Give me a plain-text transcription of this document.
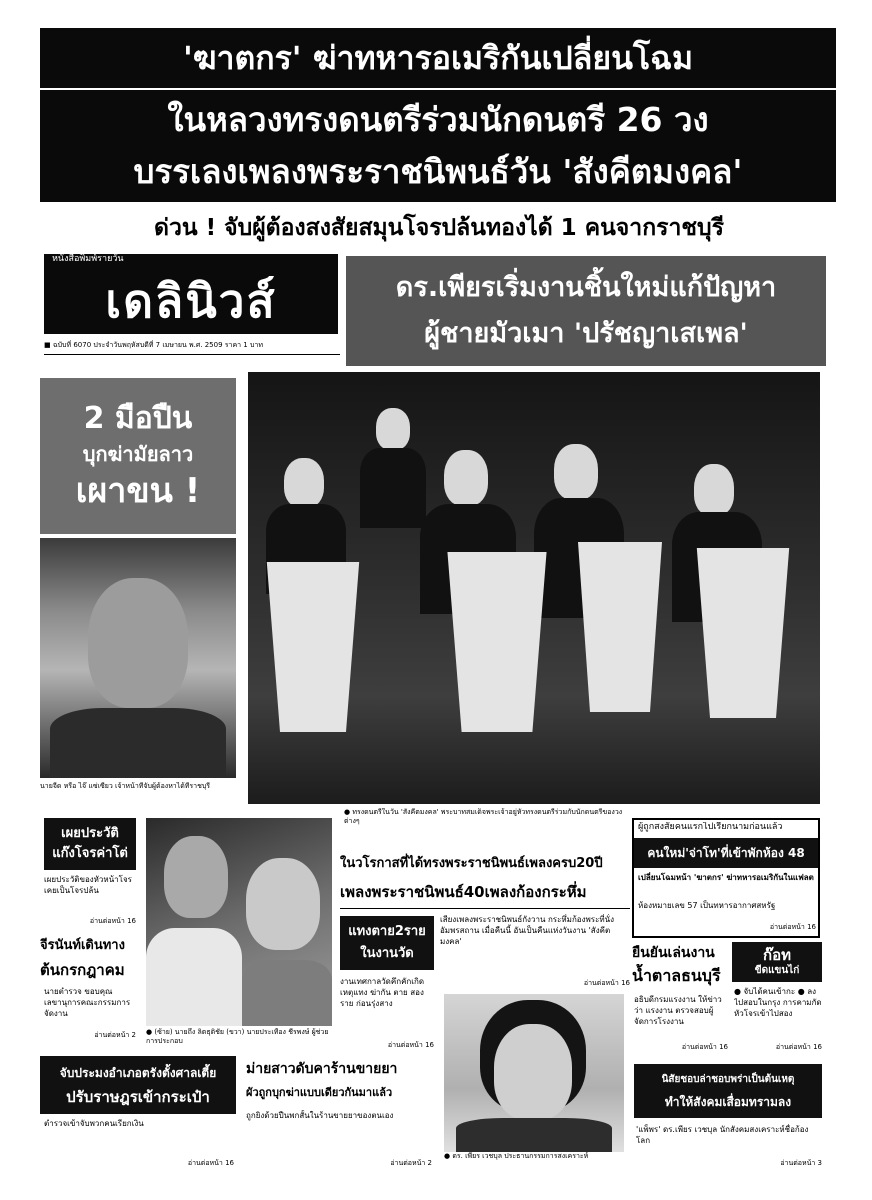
'ฆาตกร' ฆ่าทหารอเมริกันเปลี่ยนโฉม
ในหลวงทรงดนตรีร่วมนักดนตรี 26 วง
บรรเลงเพลงพระราชนิพนธ์วัน 'สังคีตมงคล'
ด่วน ! จับผู้ต้องสงสัยสมุนโจรปล้นทองได้ 1 คนจากราชบุรี
หนังสือพิมพ์รายวัน
เดลินิวส์
■ ฉบับที่ 6070 ประจำวันพฤหัสบดีที่ 7 เมษายน พ.ศ. 2509 ราคา 1 บาท
ดร.เพียรเริ่มงานชิ้นใหม่แก้ปัญหา
ผู้ชายมัวเมา 'ปรัชญาเสเพล'
2 มือปืน
บุกฆ่ามัยลาว
เผาขน !
นายจีด หรือ ไจ๊ แซ่เซียว เจ้าหน้าที่จับผู้ต้องหาได้ที่ราชบุรี
● ทรงดนตรีในวัน 'สังคีตมงคล' พระบาทสมเด็จพระเจ้าอยู่หัวทรงดนตรีร่วมกับนักดนตรีของวงต่างๆ
เผยประวัติ
แก๊งโจรค่าโต่
เผยประวัติของหัวหน้าโจร เคยเป็นโจรปล้น
อ่านต่อหน้า 16
จีรนันท์เดินทาง
ต้นกรกฎาคม
นายตำรวจ ขอบคุณ เลขานุการคณะกรรมการจัดงาน
อ่านต่อหน้า 2 ● (ซ้าย) นายถึง ลิตธุติชัย (ขวา) นายประเทือง ชีรพงษ์ ผู้ช่วยการประกอบ
ในวโรกาสที่ได้ทรงพระราชนิพนธ์เพลงครบ20ปี
เพลงพระราชนิพนธ์40เพลงก้องกระหึ่ม
เสียงเพลงพระราชนิพนธ์กังวาน กระหึ่มก้องพระที่นั่งอัมพรสถาน เมื่อคืนนี้ อันเป็นคืนแห่งวันงาน 'สังคีตมงคล'
อ่านต่อหน้า 16
แทงตาย2ราย
ในงานวัด
งานเทศกาลวัดคึกคักเกิดเหตุแทง ฆ่ากัน ตาย สอง ราย ก่อนรุ่งสาง
อ่านต่อหน้า 16
ผู้ถูกสงสัยคนแรกไปเรียกนามก่อนแล้ว
คนใหม่'จ่าโท'ที่เข้าพักห้อง 48
เปลี่ยนโฉมหน้า 'ฆาตกร' ฆ่าทหารอเมริกันในแฟลต
ห้องหมายเลข 57 เป็นทหารอากาศสหรัฐ
อ่านต่อหน้า 16
ยืนยันเล่นงาน
น้ำตาลธนบุรี
อธิบดีกรมแรงงาน ให้ข่าวว่า แรงงาน ตรวจสอบผู้จัดการโรงงาน
อ่านต่อหน้า 16
ก๊อท
ขีดแขนไก่
● จับได้คนเข้ากะ ● ลงไปสอบในกรุง การคามกัดหัวโจรเข้าไปสอง
อ่านต่อหน้า 16
จับประมงอำเภอตรังตั้งศาลเตี้ย
ปรับราษฎรเข้ากระเป๋า
ตำรวจเข้าจับพวกคนเรียกเงิน
อ่านต่อหน้า 16
ม่ายสาวดับคาร้านขายยา
ผัวถูกบุกฆ่าแบบเดียวกันมาแล้ว
ถูกยิงด้วยปืนพกสั้นในร้านขายยาของตนเอง
อ่านต่อหน้า 2
● ดร. เพียร เวชบุล ประธานกรรมการสงเคราะห์
นิสัยชอบล่าชอบพร่าเป็นต้นเหตุ
ทำให้สังคมเสื่อมทรามลง
'แพ็พร' ดร.เพียร เวชบุล นักสังคมสงเคราะห์ชื่อก้องโลก
อ่านต่อหน้า 3
